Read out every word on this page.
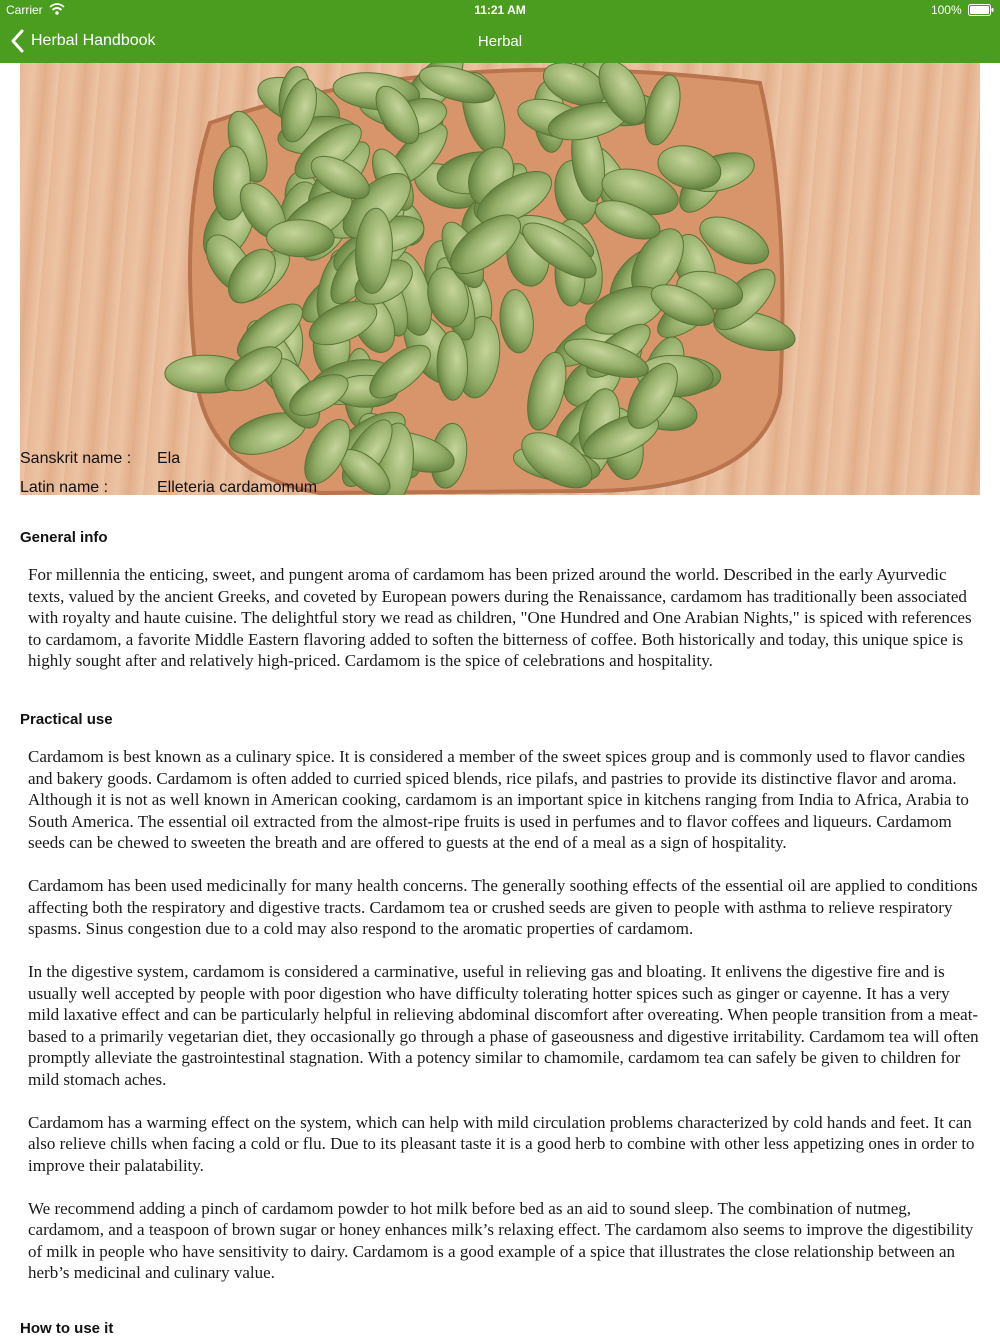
Carrier	11:21 AM	100%
Herbal Handbook	Herbal
Sanskrit name :	Ela
Latin name :	Elleteria cardamomum
General info

For millennia the enticing, sweet, and pungent aroma of cardamom has been prized around the world. Described in the early Ayurvedic texts, valued by the ancient Greeks, and coveted by European powers during the Renaissance, cardamom has traditionally been associated with royalty and haute cuisine. The delightful story we read as children, "One Hundred and One Arabian Nights," is spiced with references to cardamom, a favorite Middle Eastern flavoring added to soften the bitterness of coffee. Both historically and today, this unique spice is highly sought after and relatively high-priced. Cardamom is the spice of celebrations and hospitality.

Practical use

Cardamom is best known as a culinary spice. It is considered a member of the sweet spices group and is commonly used to flavor candies and bakery goods. Cardamom is often added to curried spiced blends, rice pilafs, and pastries to provide its distinctive flavor and aroma. Although it is not as well known in American cooking, cardamom is an important spice in kitchens ranging from India to Africa, Arabia to South America. The essential oil extracted from the almost-ripe fruits is used in perfumes and to flavor coffees and liqueurs. Cardamom seeds can be chewed to sweeten the breath and are offered to guests at the end of a meal as a sign of hospitality.

Cardamom has been used medicinally for many health concerns. The generally soothing effects of the essential oil are applied to conditions affecting both the respiratory and digestive tracts. Cardamom tea or crushed seeds are given to people with asthma to relieve respiratory spasms. Sinus congestion due to a cold may also respond to the aromatic properties of cardamom.

In the digestive system, cardamom is considered a carminative, useful in relieving gas and bloating. It enlivens the digestive fire and is usually well accepted by people with poor digestion who have difficulty tolerating hotter spices such as ginger or cayenne. It has a very mild laxative effect and can be particularly helpful in relieving abdominal discomfort after overeating. When people transition from a meat-based to a primarily vegetarian diet, they occasionally go through a phase of gaseousness and digestive irritability. Cardamom tea will often promptly alleviate the gastrointestinal stagnation. With a potency similar to chamomile, cardamom tea can safely be given to children for mild stomach aches.

Cardamom has a warming effect on the system, which can help with mild circulation problems characterized by cold hands and feet. It can also relieve chills when facing a cold or flu. Due to its pleasant taste it is a good herb to combine with other less appetizing ones in order to improve their palatability.

We recommend adding a pinch of cardamom powder to hot milk before bed as an aid to sound sleep. The combination of nutmeg, cardamom, and a teaspoon of brown sugar or honey enhances milk’s relaxing effect. The cardamom also seems to improve the digestibility of milk in people who have sensitivity to dairy. Cardamom is a good example of a spice that illustrates the close relationship between an herb’s medicinal and culinary value.

How to use it
